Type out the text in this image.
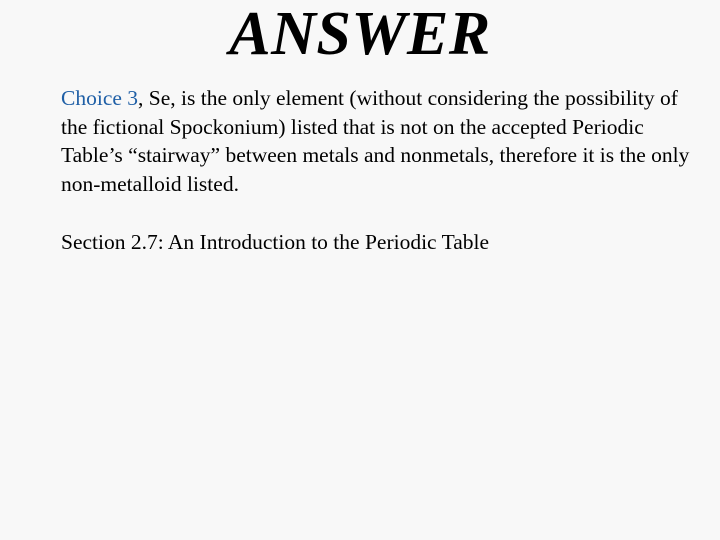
ANSWER

Choice 3, Se, is the only element (without considering the possibility of the fictional Spockonium) listed that is not on the accepted Periodic Table’s “stairway” between metals and nonmetals, therefore it is the only non-metalloid listed.

Section 2.7: An Introduction to the Periodic Table
